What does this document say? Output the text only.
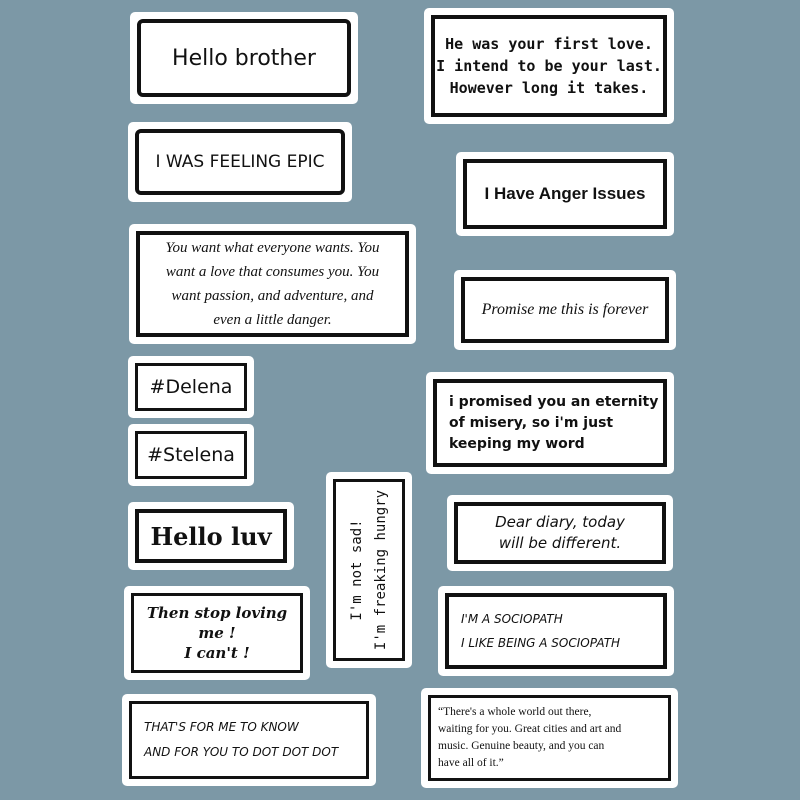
Hello brother
He was your first love.
I intend to be your last.
However long it takes.
I WAS FEELING EPIC
I Have Anger Issues
You want what everyone wants. You
want a love that consumes you. You
want passion, and adventure, and
even a little danger.
Promise me this is forever
#Delena
i promised you an eternity
of misery, so i'm just
keeping my word
#Stelena
I'm not sad! I'm freaking hungry
Hello luv	Dear diary, today
will be different.
Then stop loving
me !
I can't !
I'M A SOCIOPATH
I LIKE BEING A SOCIOPATH
THAT'S FOR ME TO KNOW
AND FOR YOU TO DOT DOT DOT
“There's a whole world out there,
waiting for you. Great cities and art and
music. Genuine beauty, and you can
have all of it.”
